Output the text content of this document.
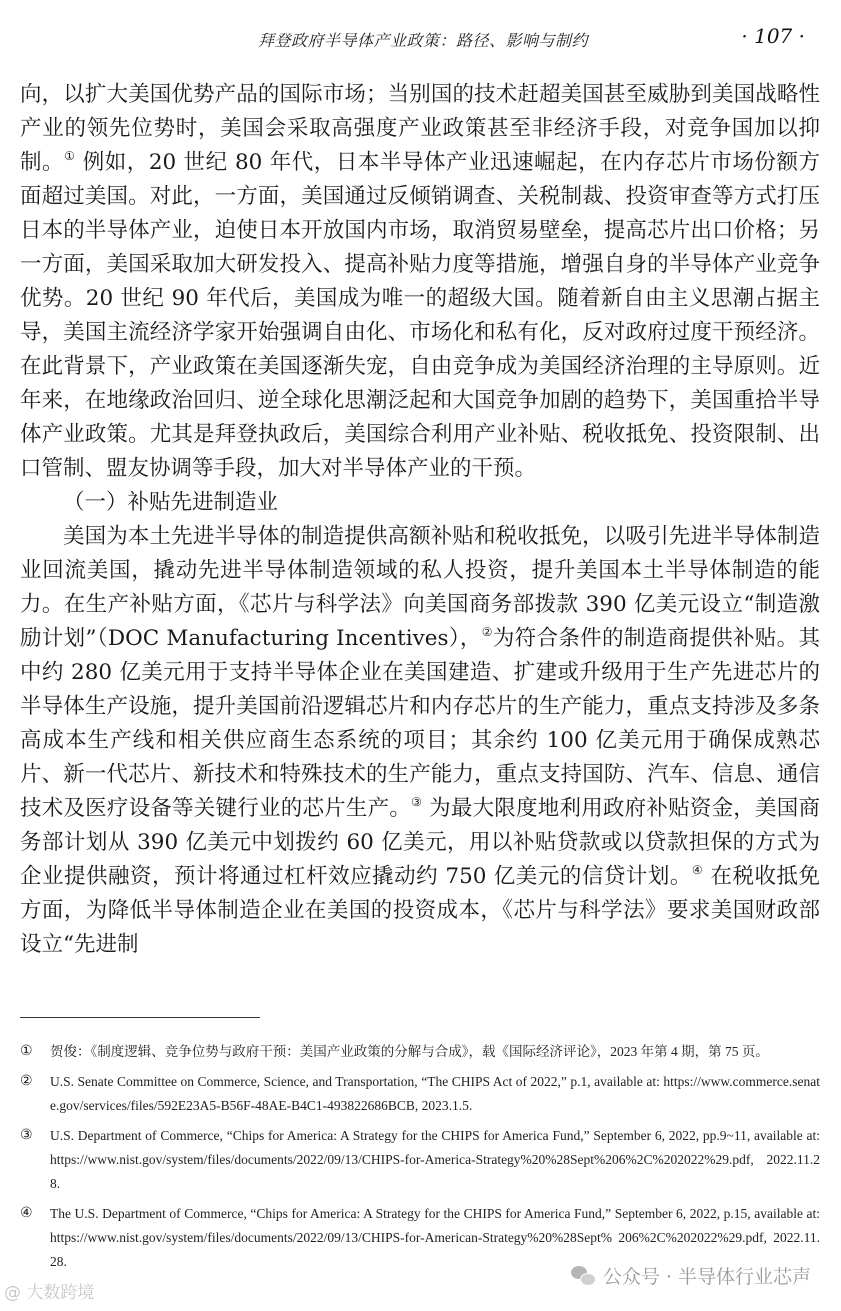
拜登政府半导体产业政策：路径、影响与制约	· 107 ·

向，以扩大美国优势产品的国际市场；当别国的技术赶超美国甚至威胁到美国战略性产业的领先位势时，美国会采取高强度产业政策甚至非经济手段，对竞争国加以抑制。① 例如，20 世纪 80 年代，日本半导体产业迅速崛起，在内存芯片市场份额方面超过美国。对此，一方面，美国通过反倾销调查、关税制裁、投资审查等方式打压日本的半导体产业，迫使日本开放国内市场，取消贸易壁垒，提高芯片出口价格；另一方面，美国采取加大研发投入、提高补贴力度等措施，增强自身的半导体产业竞争优势。20 世纪 90 年代后，美国成为唯一的超级大国。随着新自由主义思潮占据主导，美国主流经济学家开始强调自由化、市场化和私有化，反对政府过度干预经济。在此背景下，产业政策在美国逐渐失宠，自由竞争成为美国经济治理的主导原则。近年来，在地缘政治回归、逆全球化思潮泛起和大国竞争加剧的趋势下，美国重拾半导体产业政策。尤其是拜登执政后，美国综合利用产业补贴、税收抵免、投资限制、出口管制、盟友协调等手段，加大对半导体产业的干预。

（一）补贴先进制造业

美国为本土先进半导体的制造提供高额补贴和税收抵免，以吸引先进半导体制造业回流美国，撬动先进半导体制造领域的私人投资，提升美国本土半导体制造的能力。在生产补贴方面，《芯片与科学法》向美国商务部拨款 390 亿美元设立“制造激励计划”（DOC Manufacturing Incentives），②为符合条件的制造商提供补贴。其中约 280 亿美元用于支持半导体企业在美国建造、扩建或升级用于生产先进芯片的半导体生产设施，提升美国前沿逻辑芯片和内存芯片的生产能力，重点支持涉及多条高成本生产线和相关供应商生态系统的项目；其余约 100 亿美元用于确保成熟芯片、新一代芯片、新技术和特殊技术的生产能力，重点支持国防、汽车、信息、通信技术及医疗设备等关键行业的芯片生产。③ 为最大限度地利用政府补贴资金，美国商务部计划从 390 亿美元中划拨约 60 亿美元，用以补贴贷款或以贷款担保的方式为企业提供融资，预计将通过杠杆效应撬动约 750 亿美元的信贷计划。④ 在税收抵免方面，为降低半导体制造企业在美国的投资成本，《芯片与科学法》要求美国财政部设立“先进制

①	贺俊：《制度逻辑、竞争位势与政府干预：美国产业政策的分解与合成》，载《国际经济评论》，2023 年第 4 期，第 75 页。
②	U.S. Senate Committee on Commerce, Science, and Transportation, “The CHIPS Act of 2022,” p.1, available at: https://www.commerce.senate.gov/services/files/592E23A5-B56F-48AE-B4C1-493822686BCB, 2023.1.5.
③	U.S. Department of Commerce, “Chips for America: A Strategy for the CHIPS for America Fund,” September 6, 2022, pp.9~11, available at: https://www.nist.gov/system/files/documents/2022/09/13/CHIPS-for-America-Strategy%20%28Sept%206%2C%202022%29.pdf, 2022.11.28.
④	The U.S. Department of Commerce, “Chips for America: A Strategy for the CHIPS for America Fund,” September 6, 2022, p.15, available at: https://www.nist.gov/system/files/documents/2022/09/13/CHIPS-for-American-Strategy%20%28Sept% 206%2C%202022%29.pdf, 2022.11.28.
@ 大数跨境
公众号 · 半导体行业芯声
